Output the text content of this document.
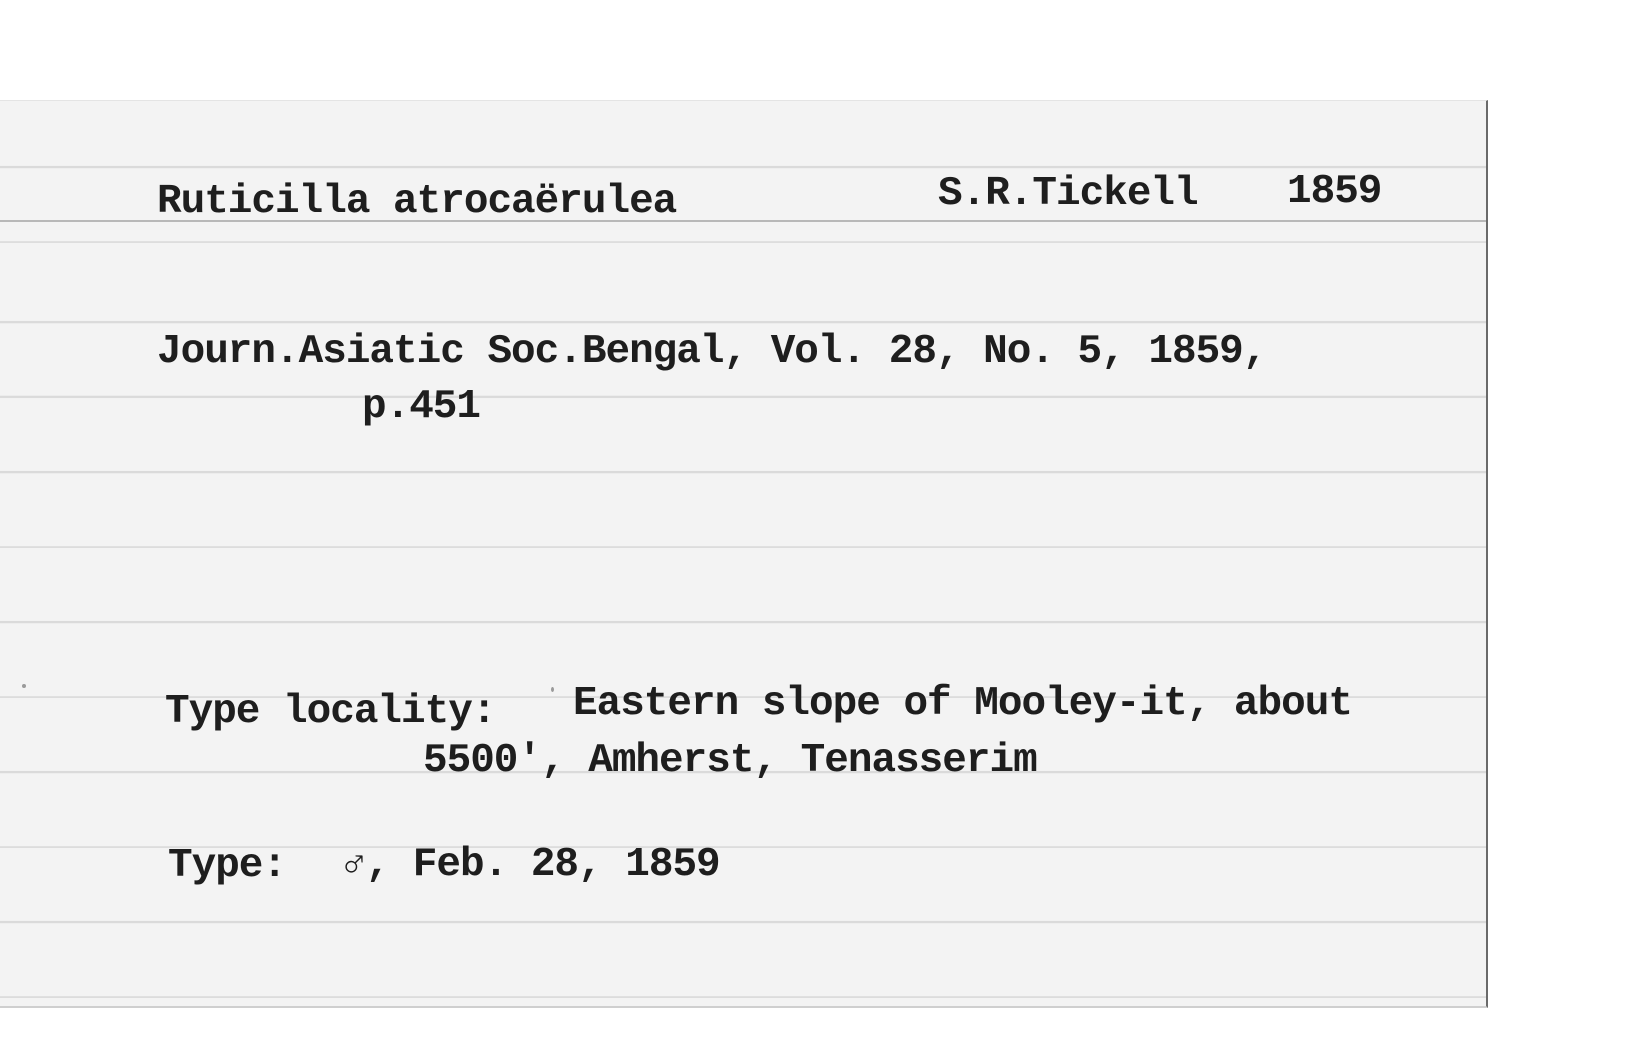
Ruticilla atrocaërulea	S.R.Tickell 1859

Journ.Asiatic Soc.Bengal, Vol. 28, No. 5, 1859,

p.451

Type locality: Eastern slope of Mooley-it, about

5500', Amherst, Tenasserim

Type: ♂, Feb. 28, 1859
